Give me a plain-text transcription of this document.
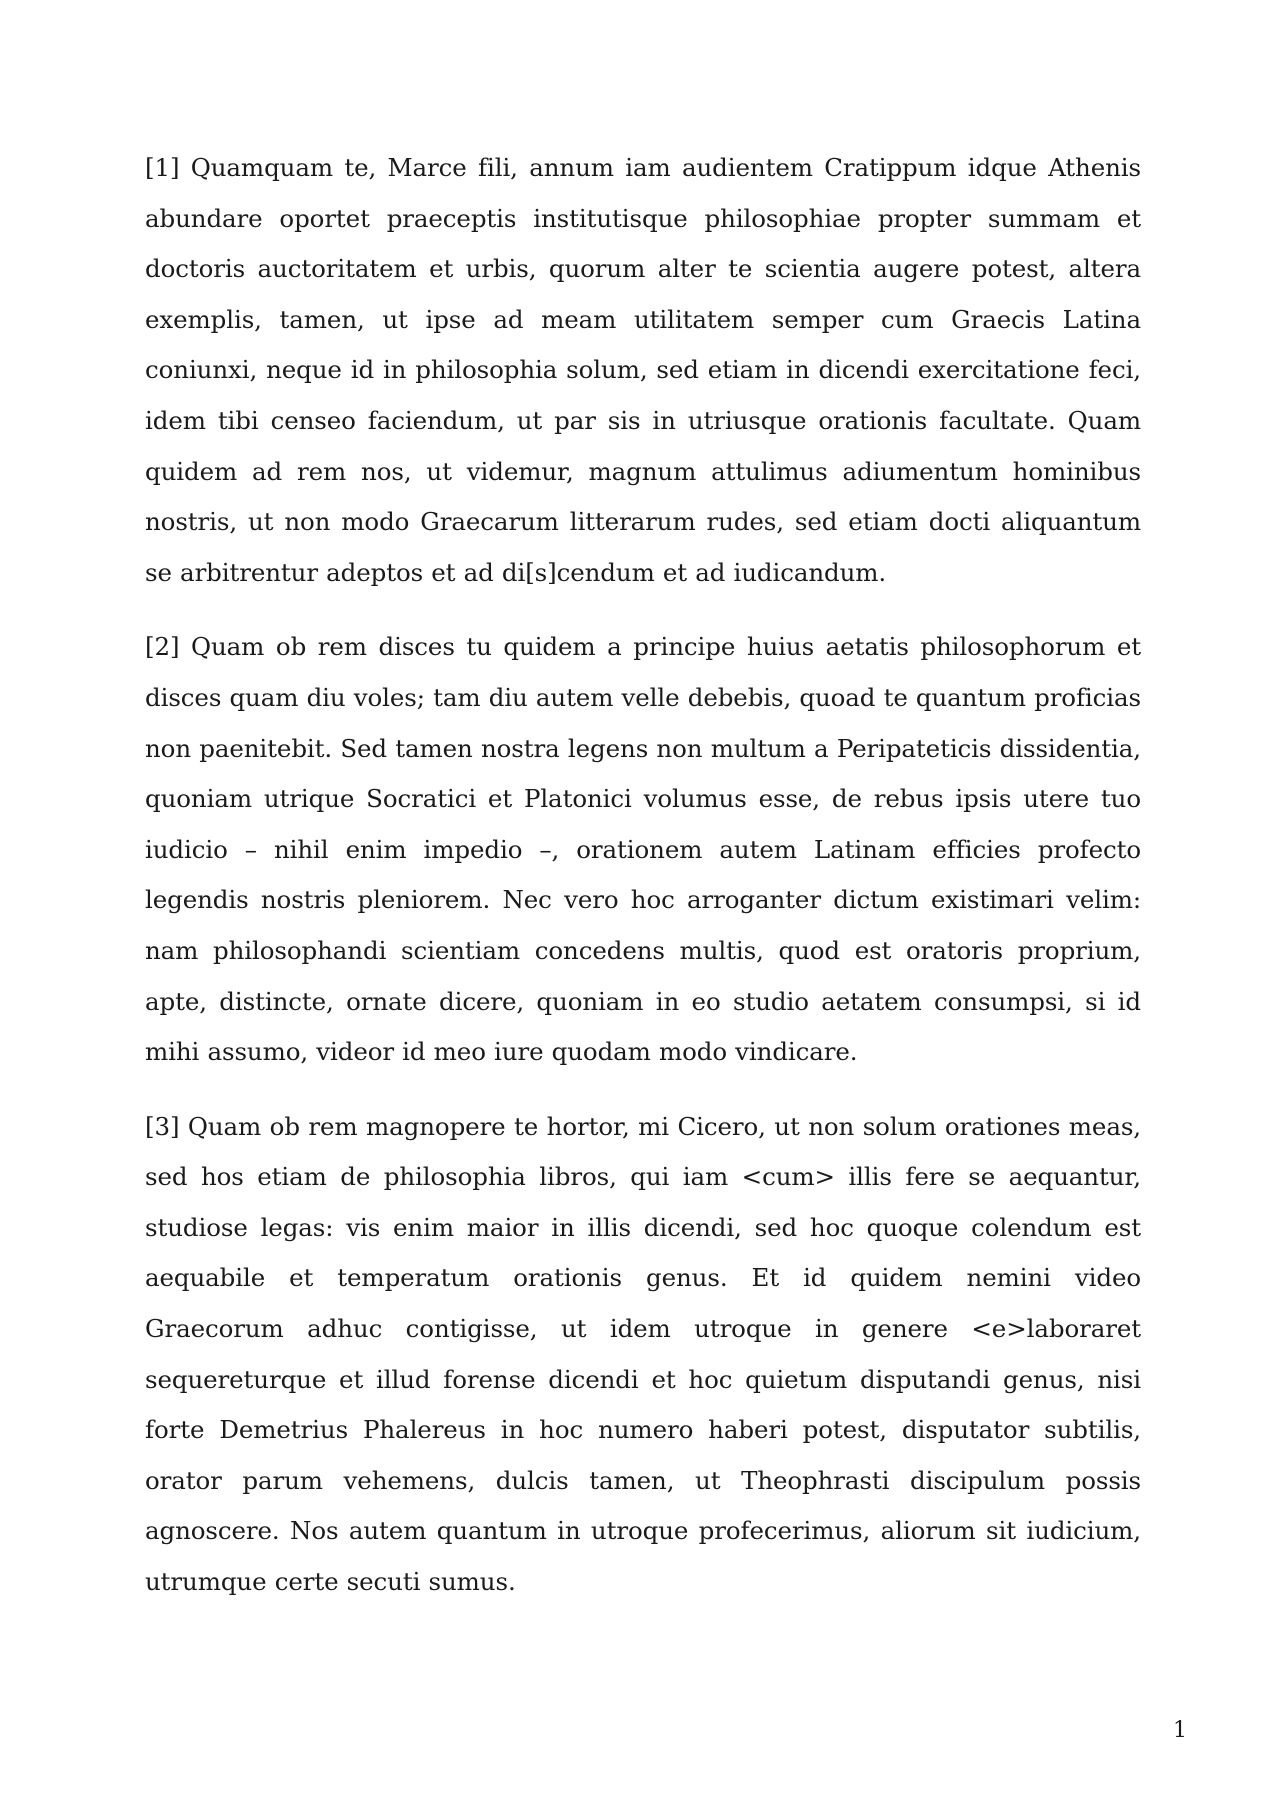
[1] Quamquam te, Marce fili, annum iam audientem Cratippum idque Athenis abundare oportet praeceptis institutisque philosophiae propter summam et doctoris auctoritatem et urbis, quorum alter te scientia augere potest, altera exemplis, tamen, ut ipse ad meam utilitatem semper cum Graecis Latina coniunxi, neque id in philosophia solum, sed etiam in dicendi exercitatione feci, idem tibi censeo faciendum, ut par sis in utriusque orationis facultate. Quam quidem ad rem nos, ut videmur, magnum attulimus adiumentum hominibus nostris, ut non modo Graecarum litterarum rudes, sed etiam docti aliquantum se arbitrentur adeptos et ad di[s]cendum et ad iudicandum.

[2] Quam ob rem disces tu quidem a principe huius aetatis philosophorum et disces quam diu voles; tam diu autem velle debebis, quoad te quantum proficias non paenitebit. Sed tamen nostra legens non multum a Peripateticis dissidentia, quoniam utrique Socratici et Platonici volumus esse, de rebus ipsis utere tuo iudicio – nihil enim impedio –, orationem autem Latinam efficies profecto legendis nostris pleniorem. Nec vero hoc arroganter dictum existimari velim: nam philosophandi scientiam concedens multis, quod est oratoris proprium, apte, distincte, ornate dicere, quoniam in eo studio aetatem consumpsi, si id mihi assumo, videor id meo iure quodam modo vindicare.

[3] Quam ob rem magnopere te hortor, mi Cicero, ut non solum orationes meas, sed hos etiam de philosophia libros, qui iam <cum> illis fere se aequantur, studiose legas: vis enim maior in illis dicendi, sed hoc quoque colendum est aequabile et temperatum orationis genus. Et id quidem nemini video Graecorum adhuc contigisse, ut idem utroque in genere <e>laboraret sequereturque et illud forense dicendi et hoc quietum disputandi genus, nisi forte Demetrius Phalereus in hoc numero haberi potest, disputator subtilis, orator parum vehemens, dulcis tamen, ut Theophrasti discipulum possis agnoscere. Nos autem quantum in utroque profecerimus, aliorum sit iudicium, utrumque certe secuti sumus.

1
